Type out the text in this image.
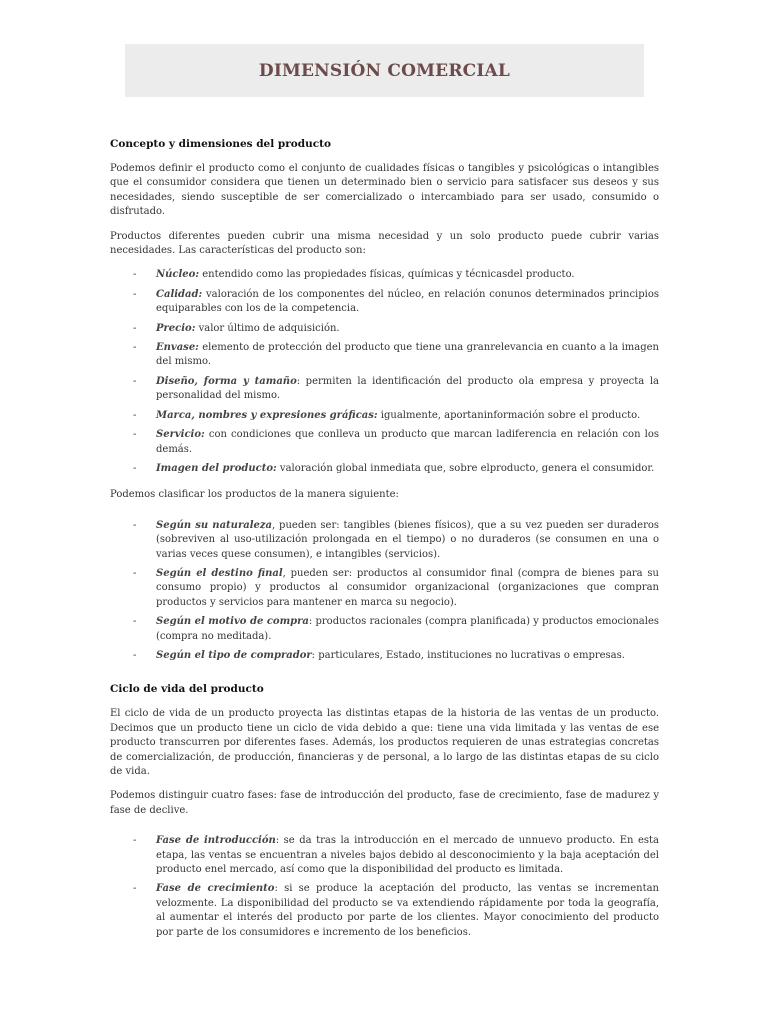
DIMENSIÓN COMERCIAL
Concepto y dimensiones del producto

Podemos definir el producto como el conjunto de cualidades físicas o tangibles y psicológicas o intangibles que el consumidor considera que tienen un determinado bien o servicio para satisfacer sus deseos y sus necesidades, siendo susceptible de ser comercializado o intercambiado para ser usado, consumido o disfrutado.

Productos diferentes pueden cubrir una misma necesidad y un solo producto puede cubrir varias necesidades. Las características del producto son:

- Núcleo: entendido como las propiedades físicas, químicas y técnicasdel producto.
- Calidad: valoración de los componentes del núcleo, en relación conunos determinados principios equiparables con los de la competencia.
- Precio: valor último de adquisición.
- Envase: elemento de protección del producto que tiene una granrelevancia en cuanto a la imagen del mismo.
- Diseño, forma y tamaño: permiten la identificación del producto ola empresa y proyecta la personalidad del mismo.
- Marca, nombres y expresiones gráficas: igualmente, aportaninformación sobre el producto.
- Servicio: con condiciones que conlleva un producto que marcan ladiferencia en relación con los demás.
- Imagen del producto: valoración global inmediata que, sobre elproducto, genera el consumidor.

Podemos clasificar los productos de la manera siguiente:

- Según su naturaleza, pueden ser: tangibles (bienes físicos), que a su vez pueden ser duraderos (sobreviven al uso-utilización prolongada en el tiempo) o no duraderos (se consumen en una o varias veces quese consumen), e intangibles (servicios).
- Según el destino final, pueden ser: productos al consumidor final (compra de bienes para su consumo propio) y productos al consumidor organizacional (organizaciones que compran productos y servicios para mantener en marca su negocio).
- Según el motivo de compra: productos racionales (compra planificada) y productos emocionales (compra no meditada).
- Según el tipo de comprador: particulares, Estado, instituciones no lucrativas o empresas.
Ciclo de vida del producto

El ciclo de vida de un producto proyecta las distintas etapas de la historia de las ventas de un producto. Decimos que un producto tiene un ciclo de vida debido a que: tiene una vida limitada y las ventas de ese producto transcurren por diferentes fases. Además, los productos requieren de unas estrategias concretas de comercialización, de producción, financieras y de personal, a lo largo de las distintas etapas de su ciclo de vida.

Podemos distinguir cuatro fases: fase de introducción del producto, fase de crecimiento, fase de madurez y fase de declive.

- Fase de introducción: se da tras la introducción en el mercado de unnuevo producto. En esta etapa, las ventas se encuentran a niveles bajos debido al desconocimiento y la baja aceptación del producto enel mercado, así como que la disponibilidad del producto es limitada.
- Fase de crecimiento: si se produce la aceptación del producto, las ventas se incrementan velozmente. La disponibilidad del producto se va extendiendo rápidamente por toda la geografía, al aumentar el interés del producto por parte de los clientes. Mayor conocimiento del producto por parte de los consumidores e incremento de los beneficios.
